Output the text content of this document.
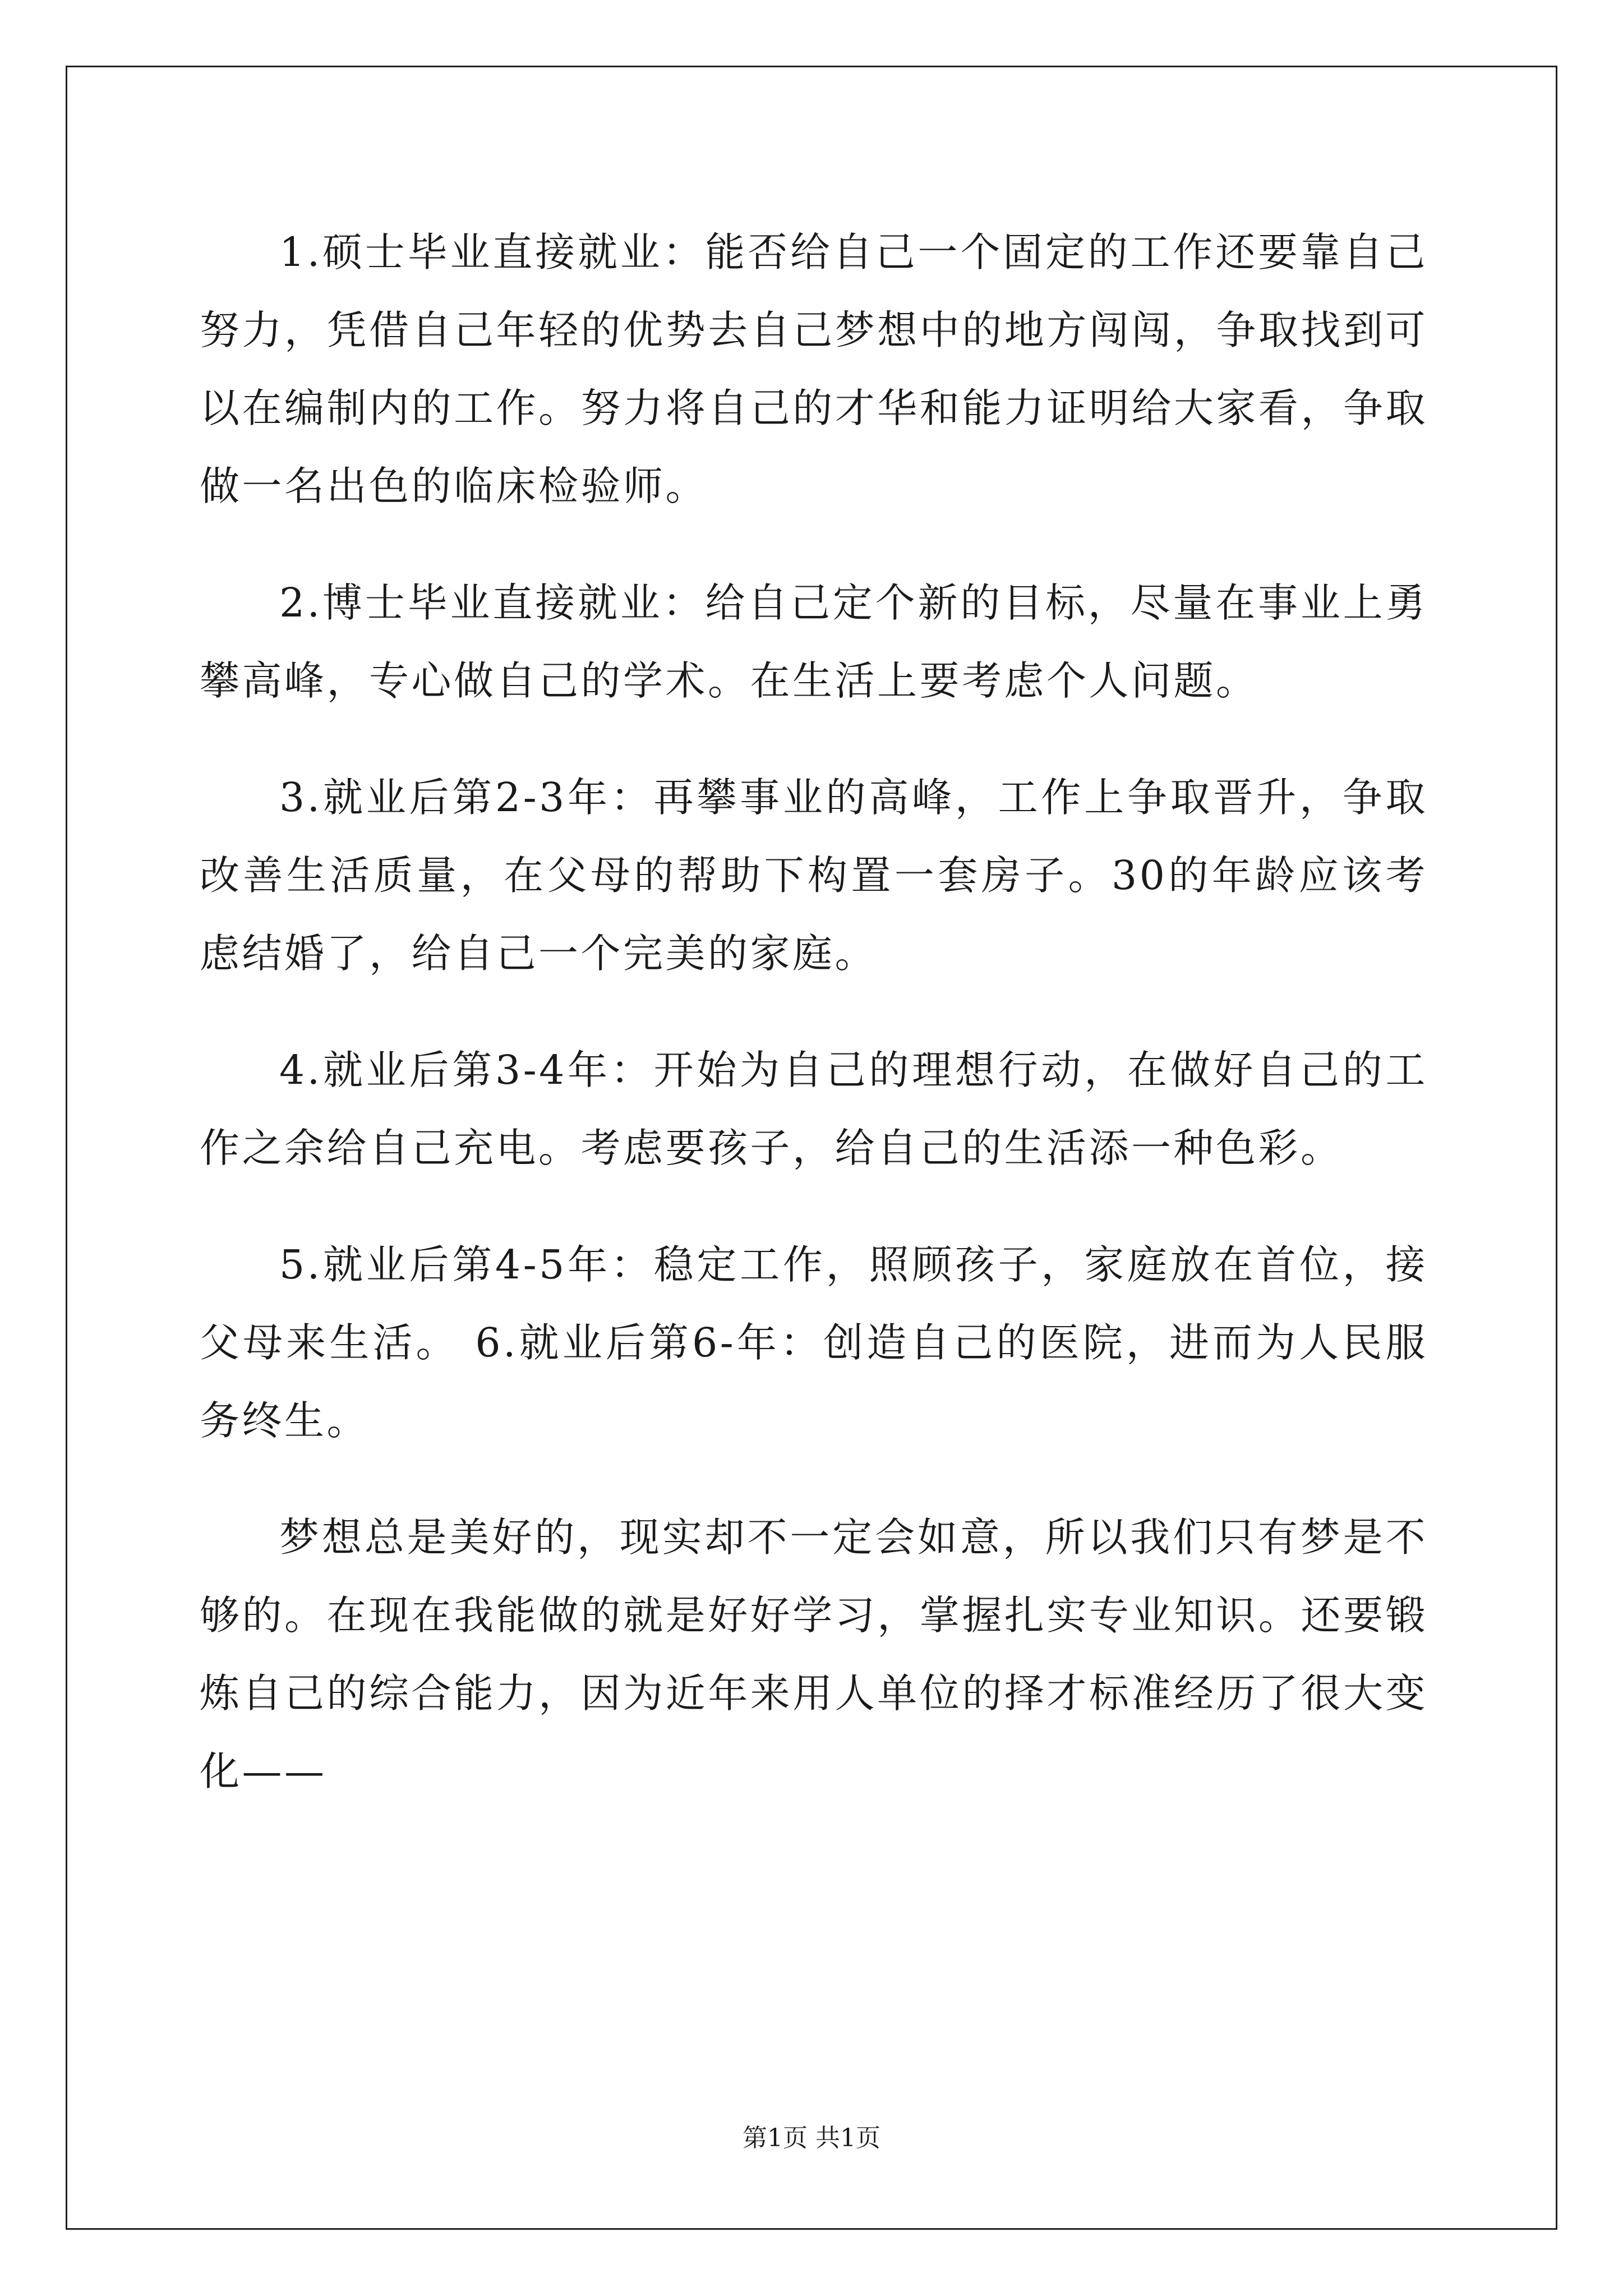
1.硕士毕业直接就业：能否给自己一个固定的工作还要靠自己努力，凭借自己年轻的优势去自己梦想中的地方闯闯，争取找到可以在编制内的工作。努力将自己的才华和能力证明给大家看，争取做一名出色的临床检验师。

2.博士毕业直接就业：给自己定个新的目标，尽量在事业上勇攀高峰，专心做自己的学术。在生活上要考虑个人问题。

3.就业后第2-3年：再攀事业的高峰，工作上争取晋升，争取改善生活质量，在父母的帮助下构置一套房子。30的年龄应该考虑结婚了，给自己一个完美的家庭。

4.就业后第3-4年：开始为自己的理想行动，在做好自己的工作之余给自己充电。考虑要孩子，给自己的生活添一种色彩。

5.就业后第4-5年：稳定工作，照顾孩子，家庭放在首位，接父母来生活。 6.就业后第6-年：创造自己的医院，进而为人民服务终生。

梦想总是美好的，现实却不一定会如意，所以我们只有梦是不够的。在现在我能做的就是好好学习，掌握扎实专业知识。还要锻炼自己的综合能力，因为近年来用人单位的择才标准经历了很大变化——

第1页 共1页
